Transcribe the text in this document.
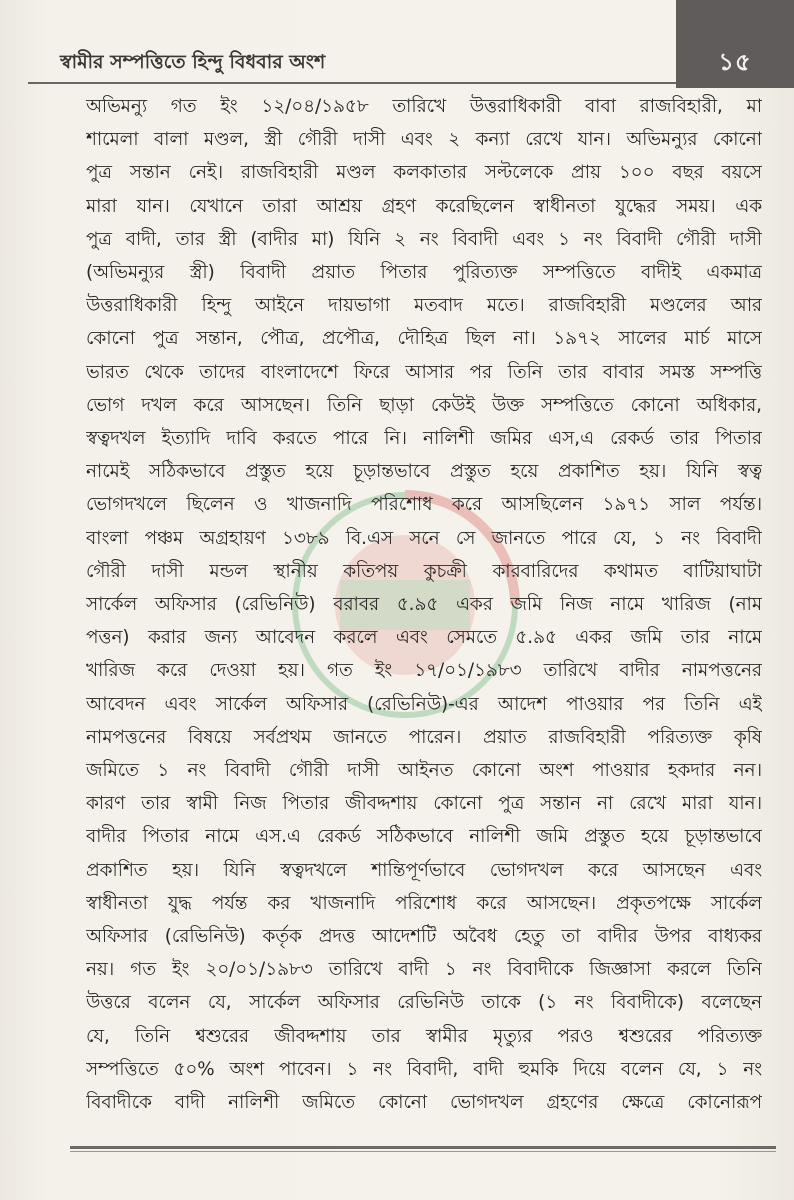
স্বামীর সম্পত্তিতে হিন্দু বিধবার অংশ	১৫
অভিমন্যু গত ইং ১২/০৪/১৯৫৮ তারিখে উত্তরাধিকারী বাবা রাজবিহারী, মা
শামেলা বালা মণ্ডল, স্ত্রী গৌরী দাসী এবং ২ কন্যা রেখে যান। অভিমন্যুর কোনো
পুত্র সন্তান নেই। রাজবিহারী মণ্ডল কলকাতার সল্টলেকে প্রায় ১০০ বছর বয়সে
মারা যান। যেখানে তারা আশ্রয় গ্রহণ করেছিলেন স্বাধীনতা যুদ্ধের সময়। এক
পুত্র বাদী, তার স্ত্রী (বাদীর মা) যিনি ২ নং বিবাদী এবং ১ নং বিবাদী গৌরী দাসী
(অভিমন্যুর স্ত্রী) বিবাদী প্রয়াত পিতার পুরিত্যক্ত সম্পত্তিতে বাদীই একমাত্র
উত্তরাধিকারী হিন্দু আইনে দায়ভাগা মতবাদ মতে। রাজবিহারী মণ্ডলের আর
কোনো পুত্র সন্তান, পৌত্র, প্রপৌত্র, দৌহিত্র ছিল না। ১৯৭২ সালের মার্চ মাসে
ভারত থেকে তাদের বাংলাদেশে ফিরে আসার পর তিনি তার বাবার সমস্ত সম্পত্তি
ভোগ দখল করে আসছেন। তিনি ছাড়া কেউই উক্ত সম্পত্তিতে কোনো অধিকার,
স্বত্বদখল ইত্যাদি দাবি করতে পারে নি। নালিশী জমির এস,এ রেকর্ড তার পিতার
নামেই সঠিকভাবে প্রস্তুত হয়ে চূড়ান্তভাবে প্রস্তুত হয়ে প্রকাশিত হয়। যিনি স্বত্ব
ভোগদখলে ছিলেন ও খাজনাদি পরিশোধ করে আসছিলেন ১৯৭১ সাল পর্যন্ত।
বাংলা পঞ্চম অগ্রহায়ণ ১৩৮৯ বি.এস সনে সে জানতে পারে যে, ১ নং বিবাদী
গৌরী দাসী মন্ডল স্থানীয় কতিপয় কুচক্রী কারবারিদের কথামত বাটিয়াঘাটা
সার্কেল অফিসার (রেভিনিউ) বরাবর ৫.৯৫ একর জমি নিজ নামে খারিজ (নাম
পত্তন) করার জন্য আবেদন করলে এবং সেমতে ৫.৯৫ একর জমি তার নামে
খারিজ করে দেওয়া হয়। গত ইং ১৭/০১/১৯৮৩ তারিখে বাদীর নামপত্তনের
আবেদন এবং সার্কেল অফিসার (রেভিনিউ)-এর আদেশ পাওয়ার পর তিনি এই
নামপত্তনের বিষয়ে সর্বপ্রথম জানতে পারেন। প্রয়াত রাজবিহারী পরিত্যক্ত কৃষি
জমিতে ১ নং বিবাদী গৌরী দাসী আইনত কোনো অংশ পাওয়ার হকদার নন।
কারণ তার স্বামী নিজ পিতার জীবদ্দশায় কোনো পুত্র সন্তান না রেখে মারা যান।
বাদীর পিতার নামে এস.এ রেকর্ড সঠিকভাবে নালিশী জমি প্রস্তুত হয়ে চূড়ান্তভাবে
প্রকাশিত হয়। যিনি স্বত্বদখলে শান্তিপূর্ণভাবে ভোগদখল করে আসছেন এবং
স্বাধীনতা যুদ্ধ পর্যন্ত কর খাজনাদি পরিশোধ করে আসছেন। প্রকৃতপক্ষে সার্কেল
অফিসার (রেভিনিউ) কর্তৃক প্রদত্ত আদেশটি অবৈধ হেতু তা বাদীর উপর বাধ্যকর
নয়। গত ইং ২০/০১/১৯৮৩ তারিখে বাদী ১ নং বিবাদীকে জিজ্ঞাসা করলে তিনি
উত্তরে বলেন যে, সার্কেল অফিসার রেভিনিউ তাকে (১ নং বিবাদীকে) বলেছেন
যে, তিনি শ্বশুরের জীবদ্দশায় তার স্বামীর মৃত্যুর পরও শ্বশুরের পরিত্যক্ত
সম্পত্তিতে ৫০% অংশ পাবেন। ১ নং বিবাদী, বাদী হুমকি দিয়ে বলেন যে, ১ নং
বিবাদীকে বাদী নালিশী জমিতে কোনো ভোগদখল গ্রহণের ক্ষেত্রে কোনোরূপ
